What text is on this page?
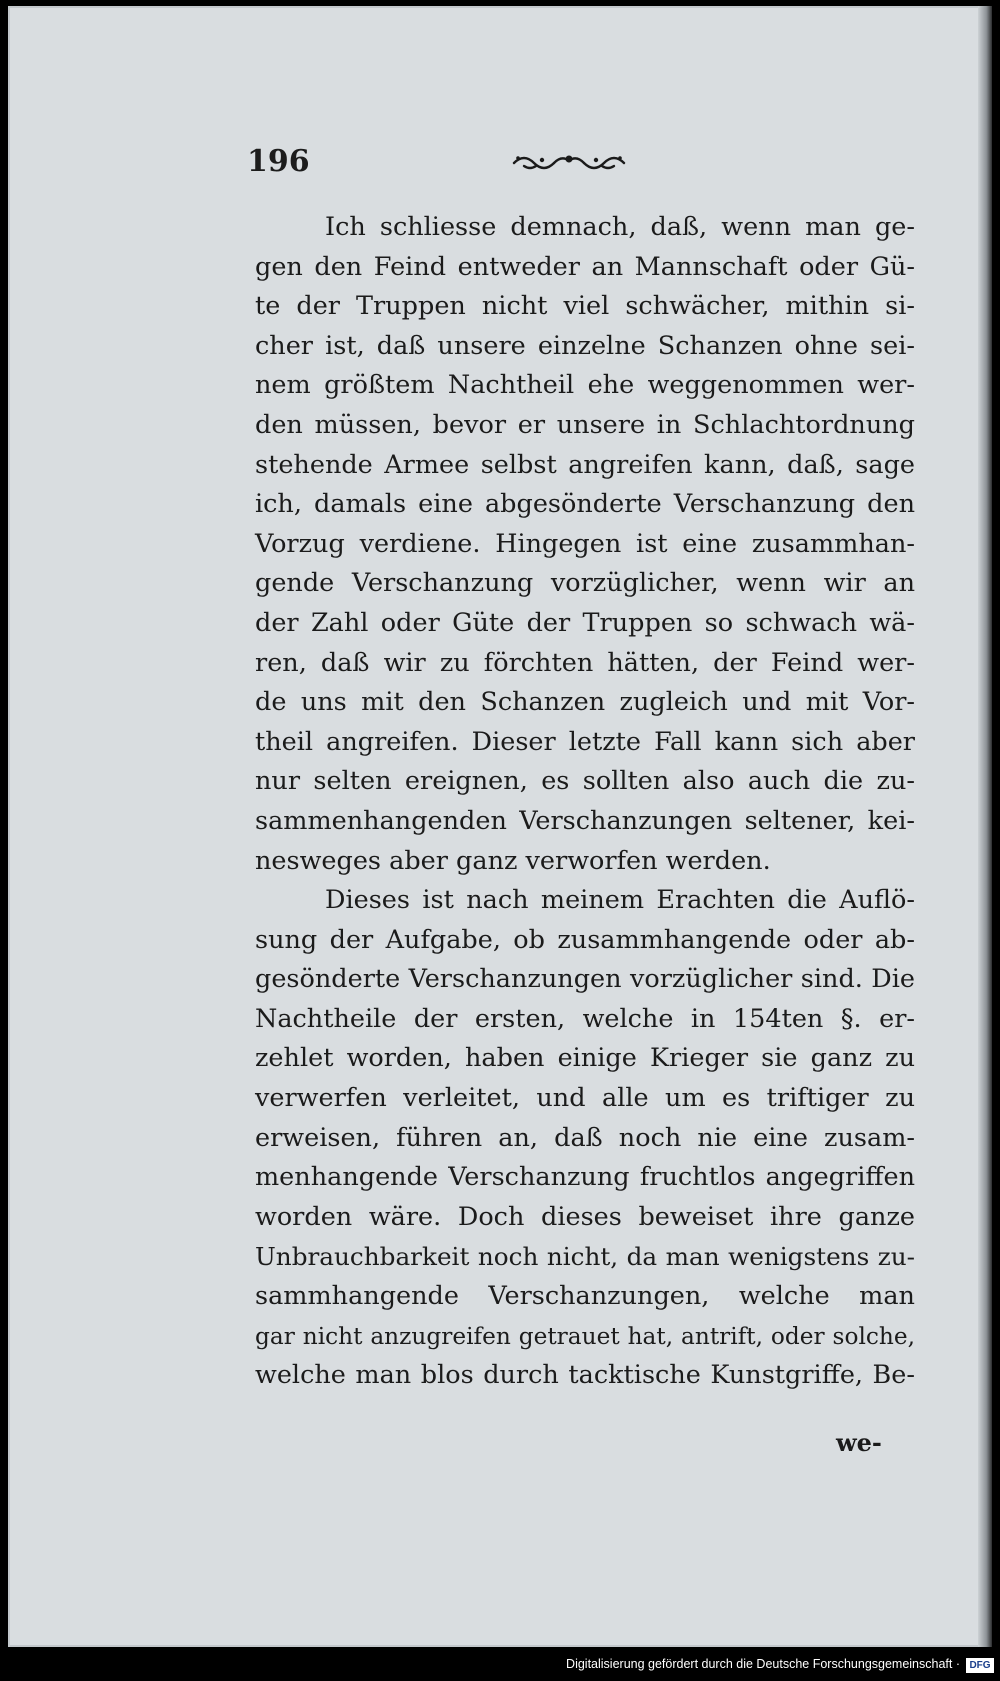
196
Ich schliesse demnach, daß, wenn man ge-
gen den Feind entweder an Mannschaft oder Gü-
te der Truppen nicht viel schwächer, mithin si-
cher ist, daß unsere einzelne Schanzen ohne sei-
nem größtem Nachtheil ehe weggenommen wer-
den müssen, bevor er unsere in Schlachtordnung
stehende Armee selbst angreifen kann, daß, sage
ich, damals eine abgesönderte Verschanzung den
Vorzug verdiene. Hingegen ist eine zusammhan-
gende Verschanzung vorzüglicher, wenn wir an
der Zahl oder Güte der Truppen so schwach wä-
ren, daß wir zu förchten hätten, der Feind wer-
de uns mit den Schanzen zugleich und mit Vor-
theil angreifen. Dieser letzte Fall kann sich aber
nur selten ereignen, es sollten also auch die zu-
sammenhangenden Verschanzungen seltener, kei-
nesweges aber ganz verworfen werden.
Dieses ist nach meinem Erachten die Auflö-
sung der Aufgabe, ob zusammhangende oder ab-
gesönderte Verschanzungen vorzüglicher sind. Die
Nachtheile der ersten, welche in 154ten §. er-
zehlet worden, haben einige Krieger sie ganz zu
verwerfen verleitet, und alle um es triftiger zu
erweisen, führen an, daß noch nie eine zusam-
menhangende Verschanzung fruchtlos angegriffen
worden wäre. Doch dieses beweiset ihre ganze
Unbrauchbarkeit noch nicht, da man wenigstens zu-
sammhangende Verschanzungen, welche man
gar nicht anzugreifen getrauet hat, antrift, oder solche,
welche man blos durch tacktische Kunstgriffe, Be-
we-
Digitalisierung gefördert durch die Deutsche Forschungsgemeinschaft · DFG
